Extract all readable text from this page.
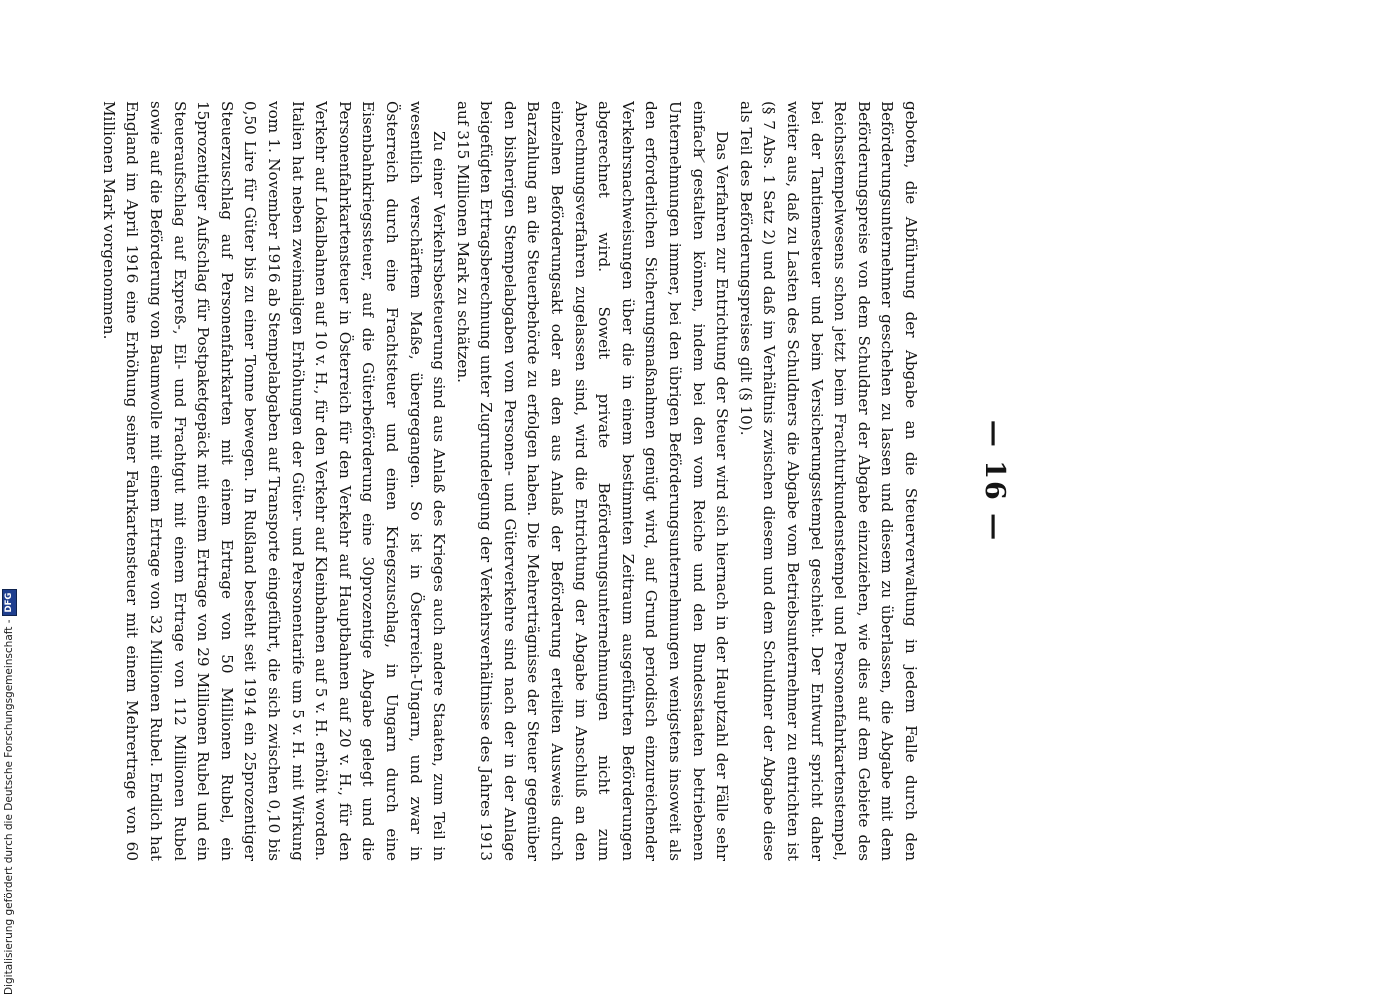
— 16 —

geboten, die Abführung der Abgabe an die Steuerverwaltung in jedem Falle durch den Beförderungsunternehmer geschehen zu lassen und diesem zu überlassen, die Abgabe mit dem Beförderungspreise von dem Schuldner der Abgabe einzuziehen, wie dies auf dem Gebiete des Reichsstempelwesens schon jetzt beim Frachturkundenstempel und Personenfahrkartenstempel, bei der Tantiemesteuer und beim Versicherungsstempel geschieht. Der Entwurf spricht daher weiter aus, daß zu Lasten des Schuldners die Abgabe vom Betriebsunternehmer zu entrichten ist (§ 7 Abs. 1 Satz 2) und daß im Verhältnis zwischen diesem und dem Schuldner der Abgabe diese als Teil des Beförderungspreises gilt (§ 10).

Das Verfahren zur Entrichtung der Steuer wird sich hiernach in der Hauptzahl der Fälle sehr einfach gestalten können, indem bei den vom Reiche und den Bundesstaaten betriebenen Unternehmungen immer, bei den übrigen Beförderungsunternehmungen wenigstens insoweit als den erforderlichen Sicherungsmaßnahmen genügt wird, auf Grund periodisch einzureichender Verkehrsnachweisungen über die in einem bestimmten Zeitraum ausgeführten Beförderungen abgerechnet wird. Soweit private Beförderungsunternehmungen nicht zum Abrechnungsverfahren zugelassen sind, wird die Entrichtung der Abgabe im Anschluß an den einzelnen Beförderungsakt oder an den aus Anlaß der Beförderung erteilten Ausweis durch Barzahlung an die Steuerbehörde zu erfolgen haben. Die Mehrerträgnisse der Steuer gegenüber den bisherigen Stempelabgaben vom Personen- und Güterverkehre sind nach der in der Anlage beigefügten Ertragsberechnung unter Zugrundelegung der Verkehrsverhältnisse des Jahres 1913 auf 315 Millionen Mark zu schätzen.

Zu einer Verkehrsbesteuerung sind aus Anlaß des Krieges auch andere Staaten, zum Teil in wesentlich verschärftem Maße, übergegangen. So ist in Österreich-Ungarn, und zwar in Österreich durch eine Frachtsteuer und einen Kriegszuschlag, in Ungarn durch eine Eisenbahnkriegssteuer, auf die Güterbeförderung eine 30prozentige Abgabe gelegt und die Personenfahrkartensteuer in Österreich für den Verkehr auf Hauptbahnen auf 20 v. H., für den Verkehr auf Lokalbahnen auf 10 v. H., für den Verkehr auf Kleinbahnen auf 5 v. H. erhöht worden. Italien hat neben zweimaligen Erhöhungen der Güter- und Personentarife um 5 v. H. mit Wirkung vom 1. November 1916 ab Stempelabgaben auf Transporte eingeführt, die sich zwischen 0,10 bis 0,50 Lire für Güter bis zu einer Tonne bewegen. In Rußland besteht seit 1914 ein 25prozentiger Steuerzuschlag auf Personenfahrkarten mit einem Ertrage von 50 Millionen Rubel, ein 15prozentiger Aufschlag für Postpaketgepäck mit einem Ertrage von 29 Millionen Rubel und ein Steueraufschlag auf Expreß-, Eil- und Frachtgut mit einem Ertrage von 112 Millionen Rubel sowie auf die Beförderung von Baumwolle mit einem Ertrage von 32 Millionen Rubel. Endlich hat England im April 1916 eine Erhöhung seiner Fahrkartensteuer mit einem Mehrertrage von 60 Millionen Mark vorgenommen.

Digitalisierung gefördert durch die Deutsche Forschungsgemeinschaft -DFG
